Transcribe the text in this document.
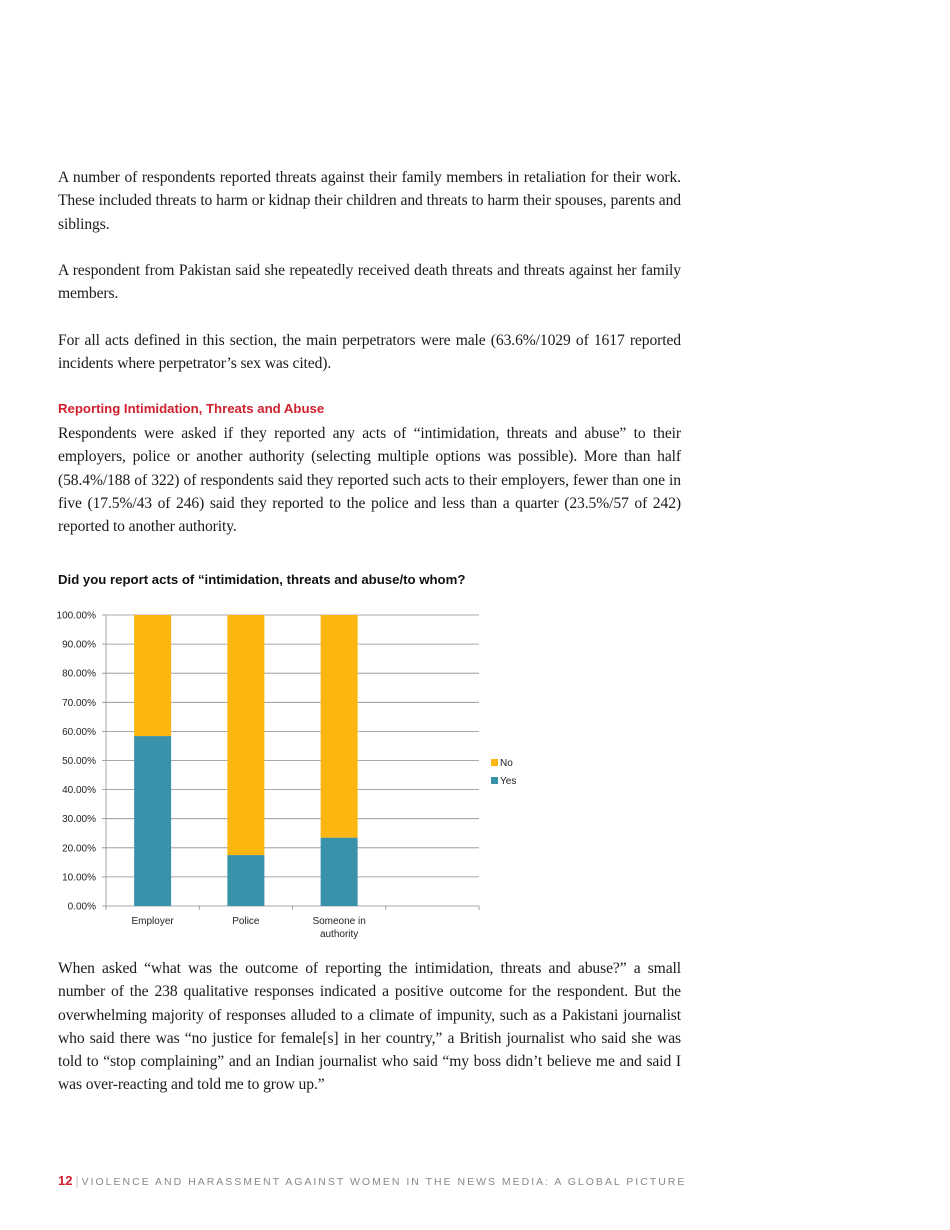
A number of respondents reported threats against their family members in retaliation for their work. These included threats to harm or kidnap their children and threats to harm their spouses, parents and siblings.

A respondent from Pakistan said she repeatedly received death threats and threats against her family members.

For all acts defined in this section, the main perpetrators were male (63.6%/1029 of 1617 reported incidents where perpetrator’s sex was cited).

Reporting Intimidation, Threats and Abuse

Respondents were asked if they reported any acts of “intimidation, threats and abuse” to their employers, police or another authority (selecting multiple options was possible). More than half (58.4%/188 of 322) of respondents said they reported such acts to their employers, fewer than one in five (17.5%/43 of 246) said they reported to the police and less than a quarter (23.5%/57 of 242) reported to another authority.

Did you report acts of “intimidation, threats and abuse/to whom?
0.00%
10.00%
20.00%
30.00%
40.00%
50.00%
60.00%
70.00%
80.00%
90.00%
100.00%
Employer	Police	Someone in
authority
No
Yes

When asked “what was the outcome of reporting the intimidation, threats and abuse?” a small number of the 238 qualitative responses indicated a positive outcome for the respondent. But the overwhelming majority of responses alluded to a climate of impunity, such as a Pakistani journalist who said there was “no justice for female[s] in her country,” a British journalist who said she was told to “stop complaining” and an Indian journalist who said “my boss didn’t believe me and said I was over-reacting and told me to grow up.”

12 | VIOLENCE AND HARASSMENT AGAINST WOMEN IN THE NEWS MEDIA: A GLOBAL PICTURE
